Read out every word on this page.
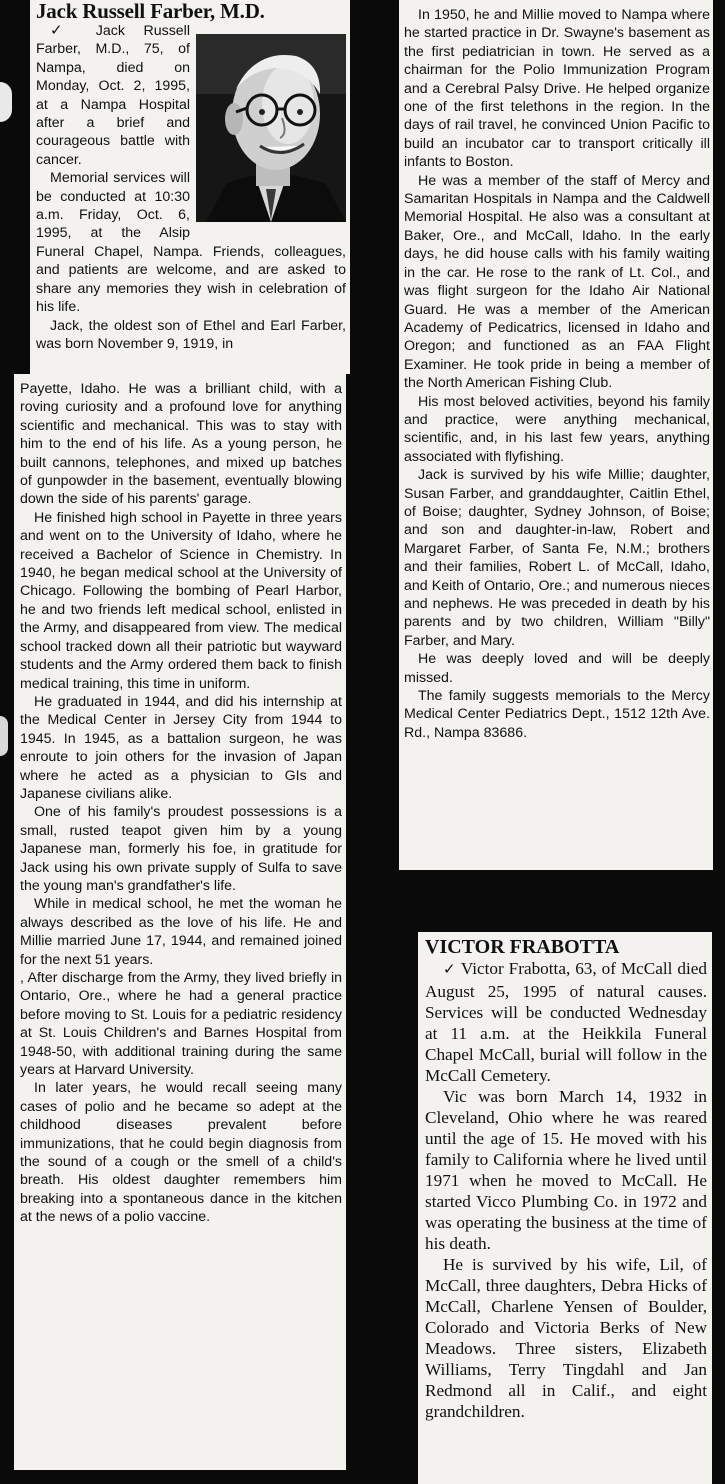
Jack Russell Farber, M.D.

✓ Jack Russell Farber, M.D., 75, of Nampa, died on Monday, Oct. 2, 1995, at a Nampa Hospital after a brief and courageous battle with cancer.

Memorial services will be conducted at 10:30 a.m. Friday, Oct. 6, 1995, at the Alsip Funeral Chapel, Nampa. Friends, colleagues, and patients are welcome, and are asked to share any memories they wish in celebration of his life.

Jack, the oldest son of Ethel and Earl Farber, was born November 9, 1919, in

Payette, Idaho. He was a brilliant child, with a roving curiosity and a profound love for anything scientific and mechanical. This was to stay with him to the end of his life. As a young person, he built cannons, telephones, and mixed up batches of gunpowder in the basement, eventually blowing down the side of his parents' garage.

He finished high school in Payette in three years and went on to the University of Idaho, where he received a Bachelor of Science in Chemistry. In 1940, he began medical school at the University of Chicago. Following the bombing of Pearl Harbor, he and two friends left medical school, enlisted in the Army, and disappeared from view. The medical school tracked down all their patriotic but wayward students and the Army ordered them back to finish medical training, this time in uniform.

He graduated in 1944, and did his internship at the Medical Center in Jersey City from 1944 to 1945. In 1945, as a battalion surgeon, he was enroute to join others for the invasion of Japan where he acted as a physician to GIs and Japanese civilians alike.

One of his family's proudest possessions is a small, rusted teapot given him by a young Japanese man, formerly his foe, in gratitude for Jack using his own private supply of Sulfa to save the young man's grandfather's life.

While in medical school, he met the woman he always described as the love of his life. He and Millie married June 17, 1944, and remained joined for the next 51 years.

, After discharge from the Army, they lived briefly in Ontario, Ore., where he had a general practice before moving to St. Louis for a pediatric residency at St. Louis Children's and Barnes Hospital from 1948-50, with additional training during the same years at Harvard University.

In later years, he would recall seeing many cases of polio and he became so adept at the childhood diseases prevalent before immunizations, that he could begin diagnosis from the sound of a cough or the smell of a child's breath. His oldest daughter remembers him breaking into a spontaneous dance in the kitchen at the news of a polio vaccine.

In 1950, he and Millie moved to Nampa where he started practice in Dr. Swayne's basement as the first pediatrician in town. He served as a chairman for the Polio Immunization Program and a Cerebral Palsy Drive. He helped organize one of the first telethons in the region. In the days of rail travel, he convinced Union Pacific to build an incubator car to transport critically ill infants to Boston.

He was a member of the staff of Mercy and Samaritan Hospitals in Nampa and the Caldwell Memorial Hospital. He also was a consultant at Baker, Ore., and McCall, Idaho. In the early days, he did house calls with his family waiting in the car. He rose to the rank of Lt. Col., and was flight surgeon for the Idaho Air National Guard. He was a member of the American Academy of Pedicatrics, licensed in Idaho and Oregon; and functioned as an FAA Flight Examiner. He took pride in being a member of the North American Fishing Club.

His most beloved activities, beyond his family and practice, were anything mechanical, scientific, and, in his last few years, anything associated with flyfishing.

Jack is survived by his wife Millie; daughter, Susan Farber, and granddaughter, Caitlin Ethel, of Boise; daughter, Sydney Johnson, of Boise; and son and daughter-in-law, Robert and Margaret Farber, of Santa Fe, N.M.; brothers and their families, Robert L. of McCall, Idaho, and Keith of Ontario, Ore.; and numerous nieces and nephews. He was preceded in death by his parents and by two children, William "Billy" Farber, and Mary.

He was deeply loved and will be deeply missed.

The family suggests memorials to the Mercy Medical Center Pediatrics Dept., 1512 12th Ave. Rd., Nampa 83686.

VICTOR FRABOTTA

✓ Victor Frabotta, 63, of McCall died August 25, 1995 of natural causes. Services will be conducted Wednesday at 11 a.m. at the Heikkila Funeral Chapel McCall, burial will follow in the McCall Cemetery.

Vic was born March 14, 1932 in Cleveland, Ohio where he was reared until the age of 15. He moved with his family to California where he lived until 1971 when he moved to McCall. He started Vicco Plumbing Co. in 1972 and was operating the business at the time of his death.

He is survived by his wife, Lil, of McCall, three daughters, Debra Hicks of McCall, Charlene Yensen of Boulder, Colorado and Victoria Berks of New Meadows. Three sisters, Elizabeth Williams, Terry Tingdahl and Jan Redmond all in Calif., and eight grandchildren.
